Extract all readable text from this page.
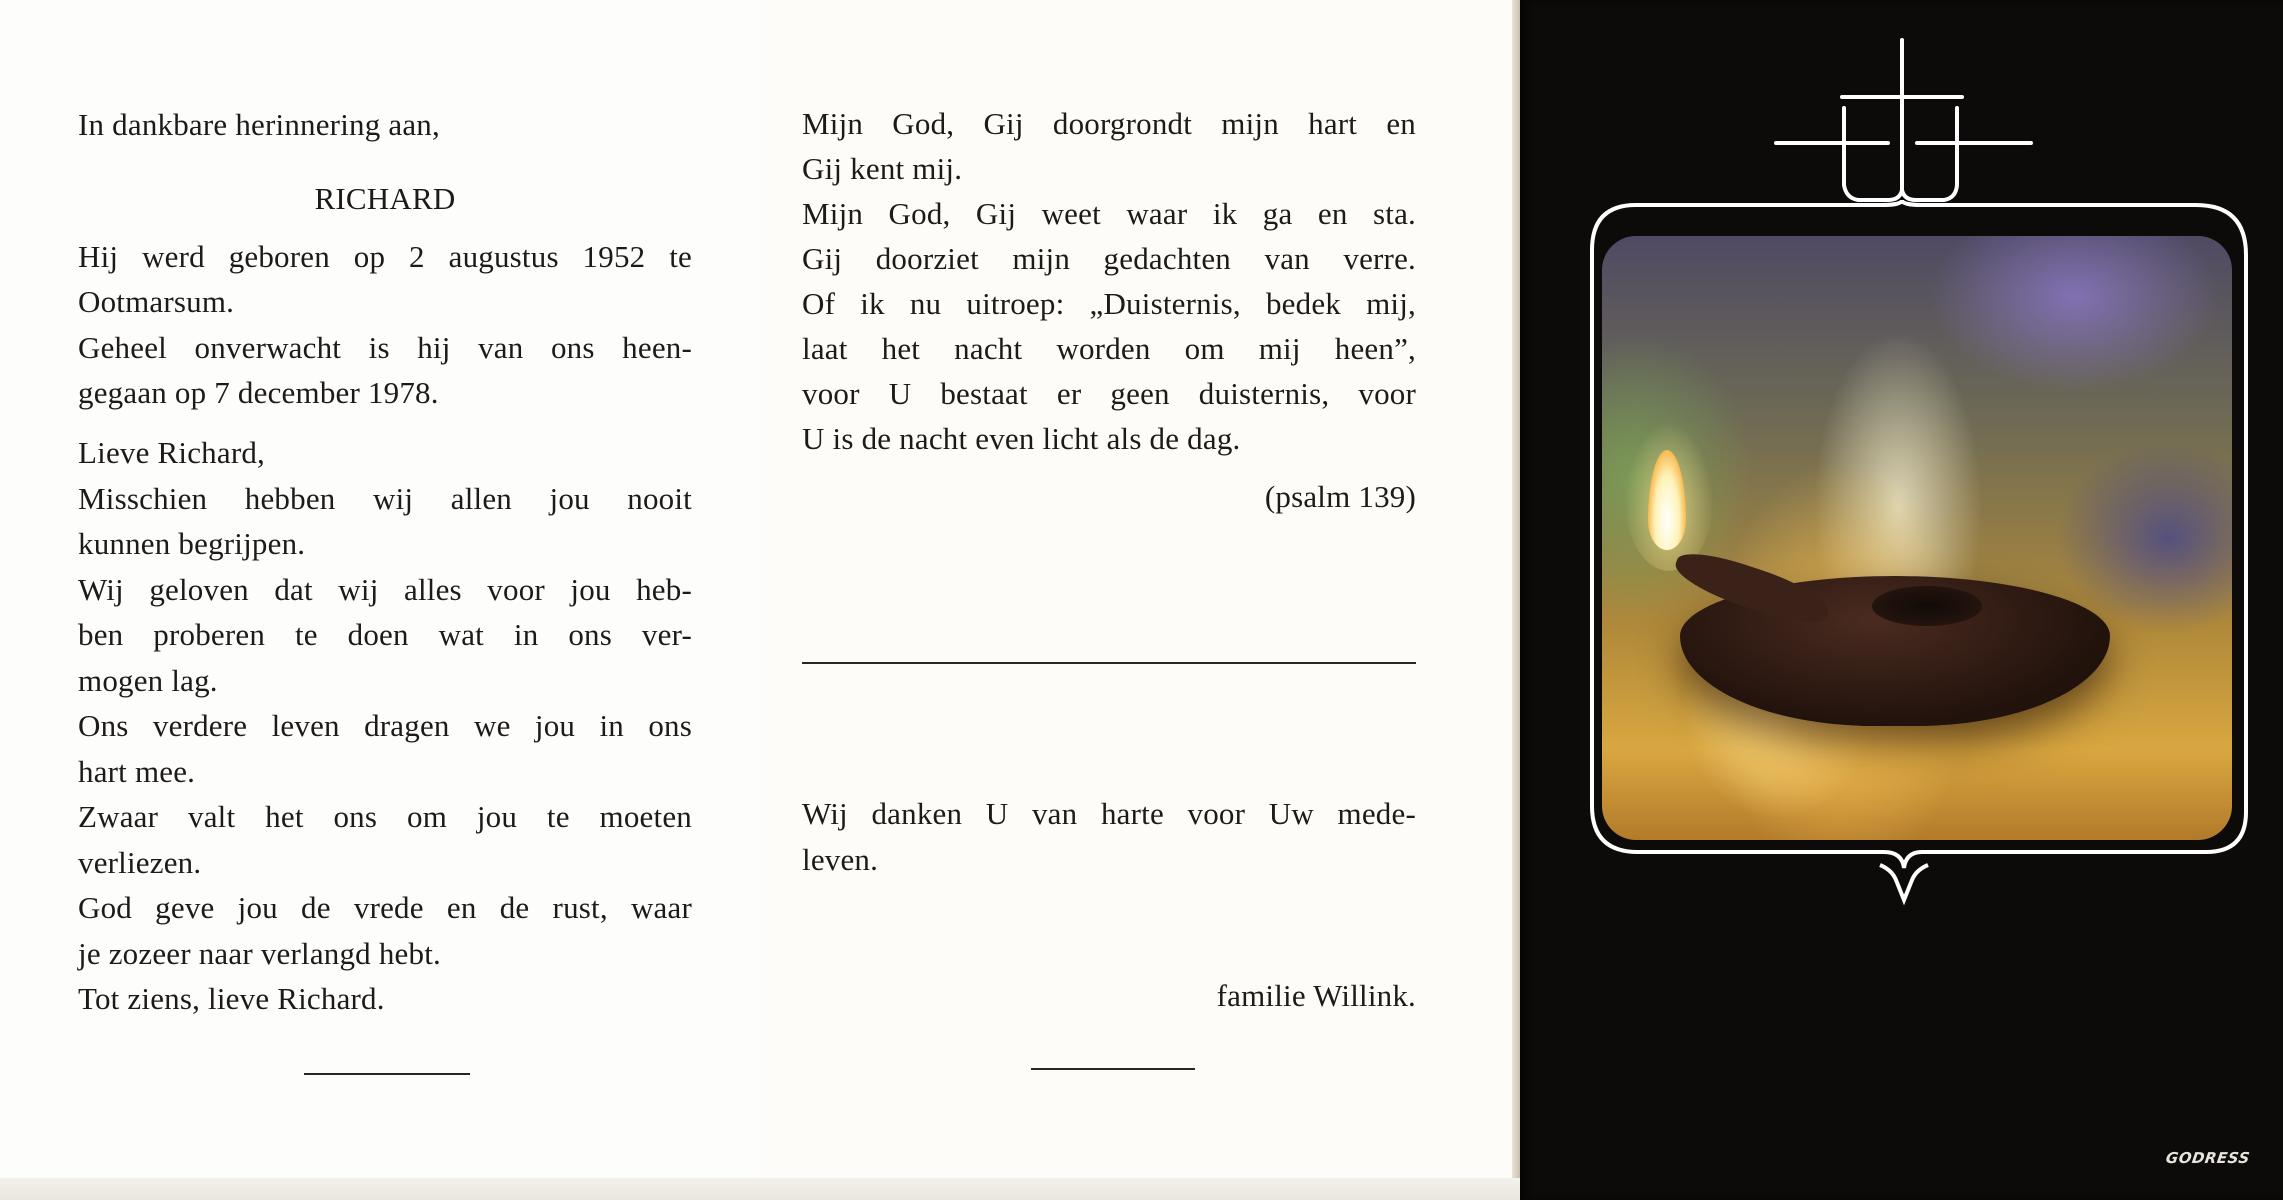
In dankbare herinnering aan,
RICHARD
Hij werd geboren op 2 augustus 1952 te
Ootmarsum.
Geheel onverwacht is hij van ons heen-
gegaan op 7 december 1978.
Lieve Richard,
Misschien hebben wij allen jou nooit
kunnen begrijpen.
Wij geloven dat wij alles voor jou heb-
ben proberen te doen wat in ons ver-
mogen lag.
Ons verdere leven dragen we jou in ons
hart mee.
Zwaar valt het ons om jou te moeten
verliezen.
God geve jou de vrede en de rust, waar
je zozeer naar verlangd hebt.
Tot ziens, lieve Richard.
Mijn God, Gij doorgrondt mijn hart en
Gij kent mij.
Mijn God, Gij weet waar ik ga en sta.
Gij doorziet mijn gedachten van verre.
Of ik nu uitroep: „Duisternis, bedek mij,
laat het nacht worden om mij heen”,
voor U bestaat er geen duisternis, voor
U is de nacht even licht als de dag.
(psalm 139)
Wij danken U van harte voor Uw mede-
leven.
familie Willink.
GODRESS
